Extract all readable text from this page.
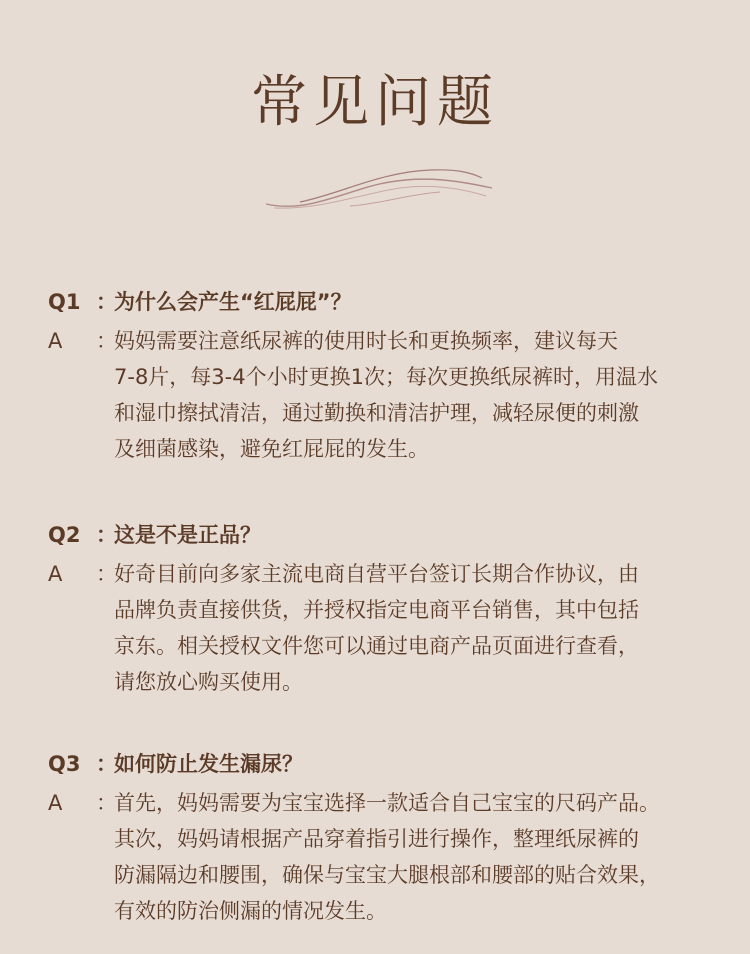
常见问题
Q1 ：
为什么会产生“红屁屁”？
A	：
妈妈需要注意纸尿裤的使用时长和更换频率，建议每天
7-8片，每3-4个小时更换1次；每次更换纸尿裤时，用温水
和湿巾擦拭清洁，通过勤换和清洁护理，减轻尿便的刺激
及细菌感染，避免红屁屁的发生。
Q2 ：
这是不是正品？
A	：
好奇目前向多家主流电商自营平台签订长期合作协议，由
品牌负责直接供货，并授权指定电商平台销售，其中包括
京东。相关授权文件您可以通过电商产品页面进行查看，
请您放心购买使用。
Q3 ：
如何防止发生漏尿？
A	：
首先，妈妈需要为宝宝选择一款适合自己宝宝的尺码产品。
其次，妈妈请根据产品穿着指引进行操作，整理纸尿裤的
防漏隔边和腰围，确保与宝宝大腿根部和腰部的贴合效果，
有效的防治侧漏的情况发生。
